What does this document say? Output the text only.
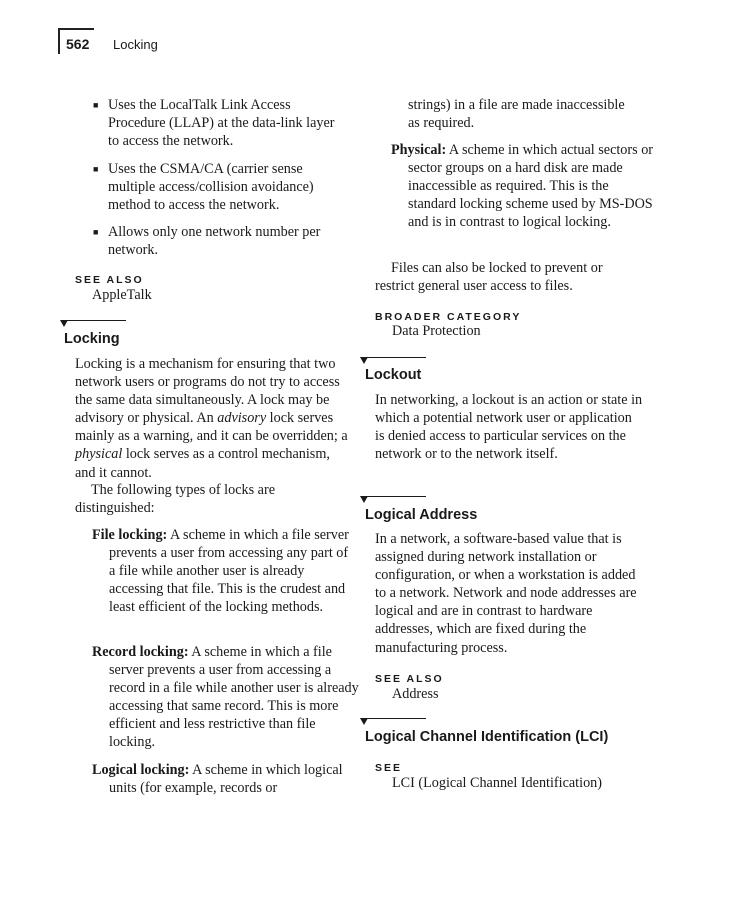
562 Locking
■ Uses the LocalTalk Link Access Procedure (LLAP) at the data-link layer to access the network.

■ Uses the CSMA/CA (carrier sense multiple access/collision avoidance) method to access the network.

■ Allows only one network number per network.

SEE ALSO

AppleTalk

Locking

Locking is a mechanism for ensuring that two network users or programs do not try to access the same data simultaneously. A lock may be advisory or physical. An advisory lock serves mainly as a warning, and it can be overridden; a physical lock serves as a control mechanism, and it cannot.

The following types of locks are distinguished:

File locking: A scheme in which a file server prevents a user from accessing any part of a file while another user is already accessing that file. This is the crudest and least efficient of the locking methods.

Record locking: A scheme in which a file server prevents a user from accessing a record in a file while another user is already accessing that same record. This is more efficient and less restrictive than file locking.

Logical locking: A scheme in which logical units (for example, records or

strings) in a file are made inaccessible as required.

Physical: A scheme in which actual sectors or sector groups on a hard disk are made inaccessible as required. This is the standard locking scheme used by MS-DOS and is in contrast to logical locking.

Files can also be locked to prevent or restrict general user access to files.

BROADER CATEGORY

Data Protection

Lockout

In networking, a lockout is an action or state in which a potential network user or application is denied access to particular services on the network or to the network itself.

Logical Address

In a network, a software-based value that is assigned during network installation or configuration, or when a workstation is added to a network. Network and node addresses are logical and are in contrast to hardware addresses, which are fixed during the manufacturing process.

SEE ALSO

Address

Logical Channel Identification (LCI)
SEE

LCI (Logical Channel Identification)
